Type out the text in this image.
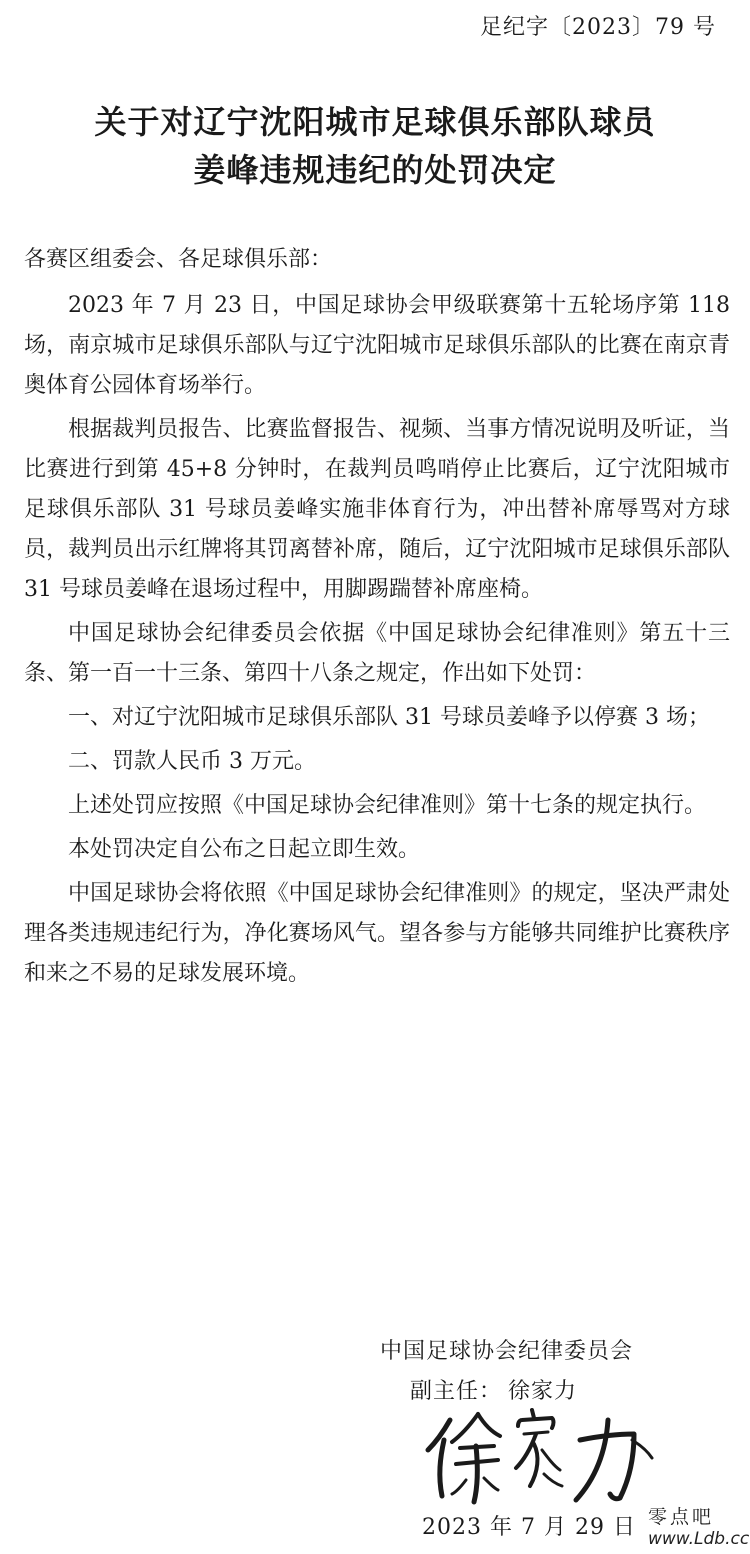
足纪字〔2023〕79 号
关于对辽宁沈阳城市足球俱乐部队球员
姜峰违规违纪的处罚决定

各赛区组委会、各足球俱乐部：

2023 年 7 月 23 日，中国足球协会甲级联赛第十五轮场序第 118 场，南京城市足球俱乐部队与辽宁沈阳城市足球俱乐部队的比赛在南京青奥体育公园体育场举行。

根据裁判员报告、比赛监督报告、视频、当事方情况说明及听证，当比赛进行到第 45+8 分钟时，在裁判员鸣哨停止比赛后，辽宁沈阳城市足球俱乐部队 31 号球员姜峰实施非体育行为，冲出替补席辱骂对方球员，裁判员出示红牌将其罚离替补席，随后，辽宁沈阳城市足球俱乐部队 31 号球员姜峰在退场过程中，用脚踢踹替补席座椅。

中国足球协会纪律委员会依据《中国足球协会纪律准则》第五十三条、第一百一十三条、第四十八条之规定，作出如下处罚：

一、对辽宁沈阳城市足球俱乐部队 31 号球员姜峰予以停赛 3 场；

二、罚款人民币 3 万元。

上述处罚应按照《中国足球协会纪律准则》第十七条的规定执行。

本处罚决定自公布之日起立即生效。

中国足球协会将依照《中国足球协会纪律准则》的规定，坚决严肃处理各类违规违纪行为，净化赛场风气。望各参与方能够共同维护比赛秩序和来之不易的足球发展环境。

中国足球协会纪律委员会
副主任： 徐家力
2023 年 7 月 29 日 零点吧
www.Ldb.cc
